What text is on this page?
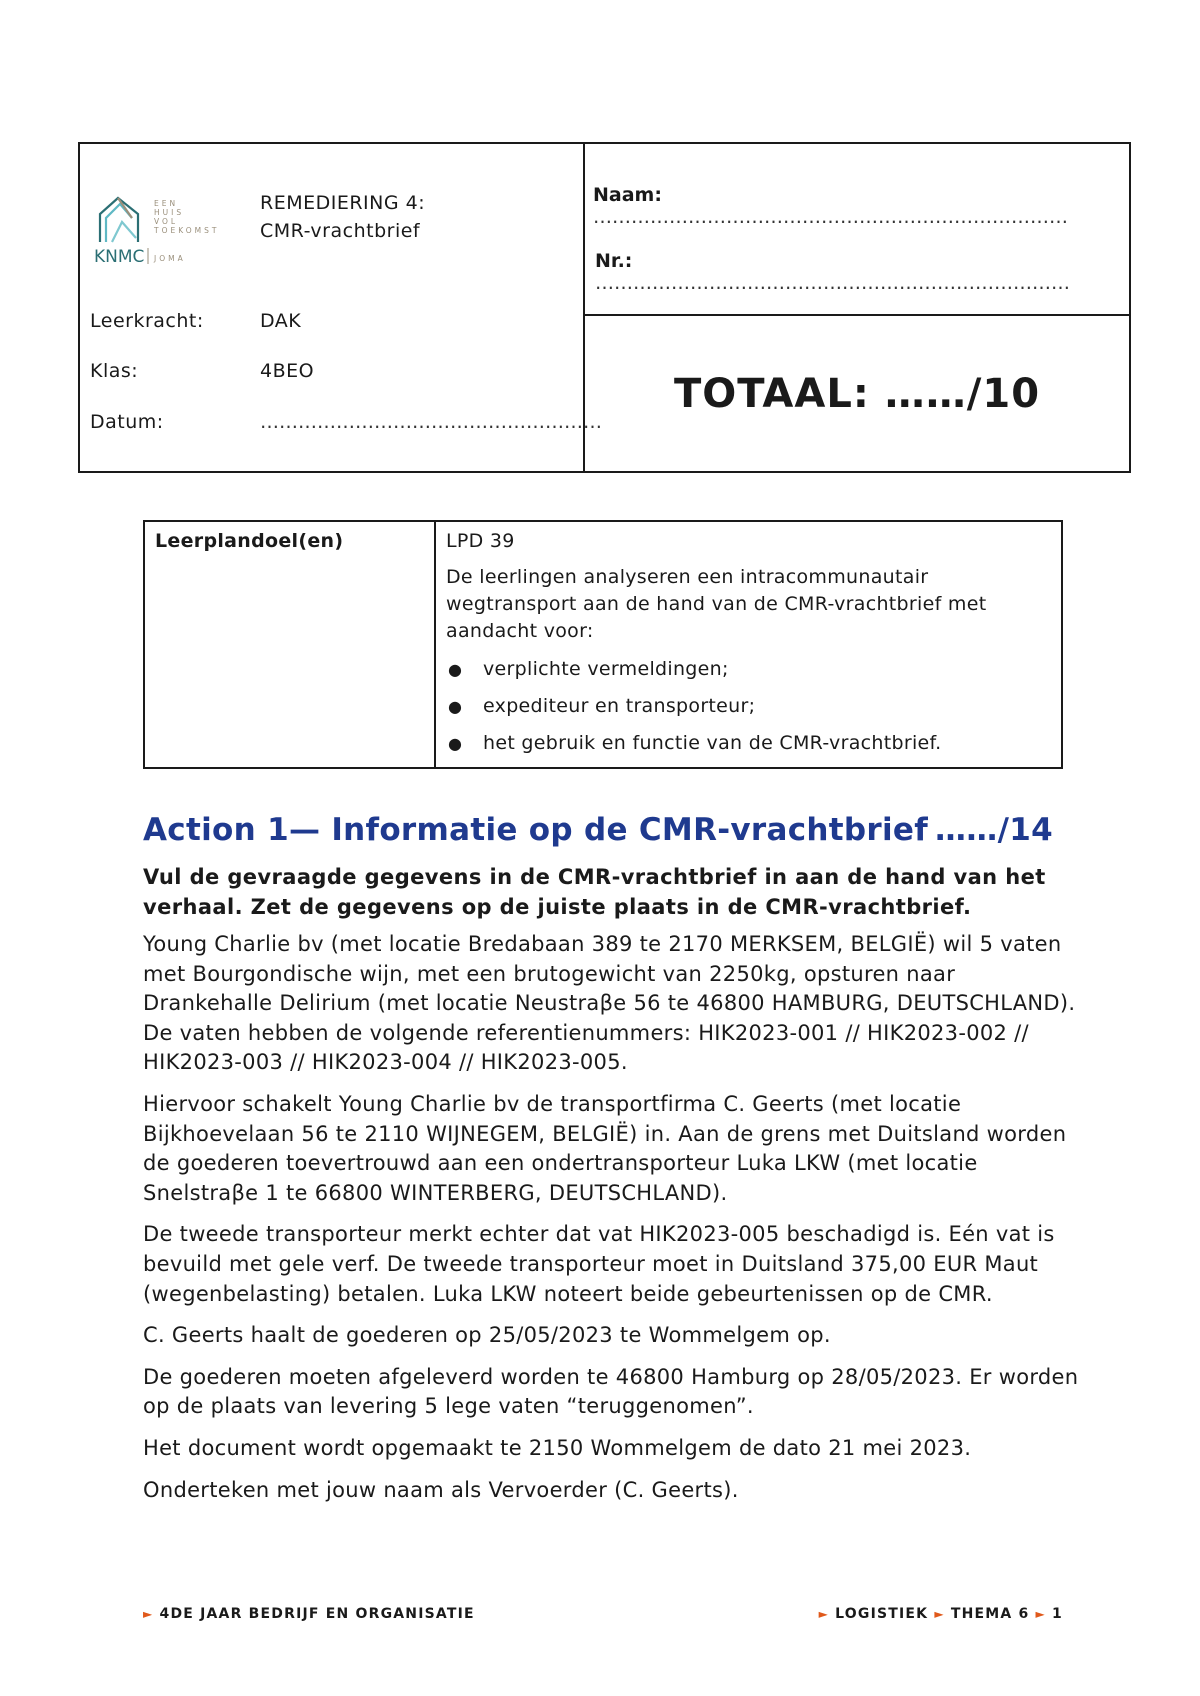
EEN
HUIS
VOL
TOEKOMST
KNMC JOMA
REMEDIERING 4:
CMR-vrachtbrief
Leerkracht:	DAK
Klas:	4BEO
Datum:	………………………………………………
Naam: …………………………………………………………………
Nr.: …………………………………………………………………
TOTAAL: ……/10
Leerplandoel(en)	LPD 39

De leerlingen analyseren een intracommunautair wegtransport aan de hand van de CMR-vrachtbrief met aandacht voor:

● verplichte vermeldingen;
● expediteur en transporteur;
● het gebruik en functie van de CMR-vrachtbrief.
Action 1— Informatie op de CMR-vrachtbrief ……/14

Vul de gevraagde gegevens in de CMR-vrachtbrief in aan de hand van het verhaal. Zet de gegevens op de juiste plaats in de CMR-vrachtbrief.

Young Charlie bv (met locatie Bredabaan 389 te 2170 MERKSEM, BELGIË) wil 5 vaten met Bourgondische wijn, met een brutogewicht van 2250kg, opsturen naar Drankehalle Delirium (met locatie Neustraβe 56 te 46800 HAMBURG, DEUTSCHLAND). De vaten hebben de volgende referentienummers: HIK2023-001 // HIK2023-002 // HIK2023-003 // HIK2023-004 // HIK2023-005.

Hiervoor schakelt Young Charlie bv de transportfirma C. Geerts (met locatie Bijkhoevelaan 56 te 2110 WIJNEGEM, BELGIË) in. Aan de grens met Duitsland worden de goederen toevertrouwd aan een ondertransporteur Luka LKW (met locatie Snelstraβe 1 te 66800 WINTERBERG, DEUTSCHLAND).

De tweede transporteur merkt echter dat vat HIK2023-005 beschadigd is. Eén vat is bevuild met gele verf. De tweede transporteur moet in Duitsland 375,00 EUR Maut (wegenbelasting) betalen. Luka LKW noteert beide gebeurtenissen op de CMR.

C. Geerts haalt de goederen op 25/05/2023 te Wommelgem op.

De goederen moeten afgeleverd worden te 46800 Hamburg op 28/05/2023. Er worden op de plaats van levering 5 lege vaten “teruggenomen”.

Het document wordt opgemaakt te 2150 Wommelgem de dato 21 mei 2023.

Onderteken met jouw naam als Vervoerder (C. Geerts).

► 4DE JAAR BEDRIJF EN ORGANISATIE	► LOGISTIEK ► THEMA 6 ► 1
